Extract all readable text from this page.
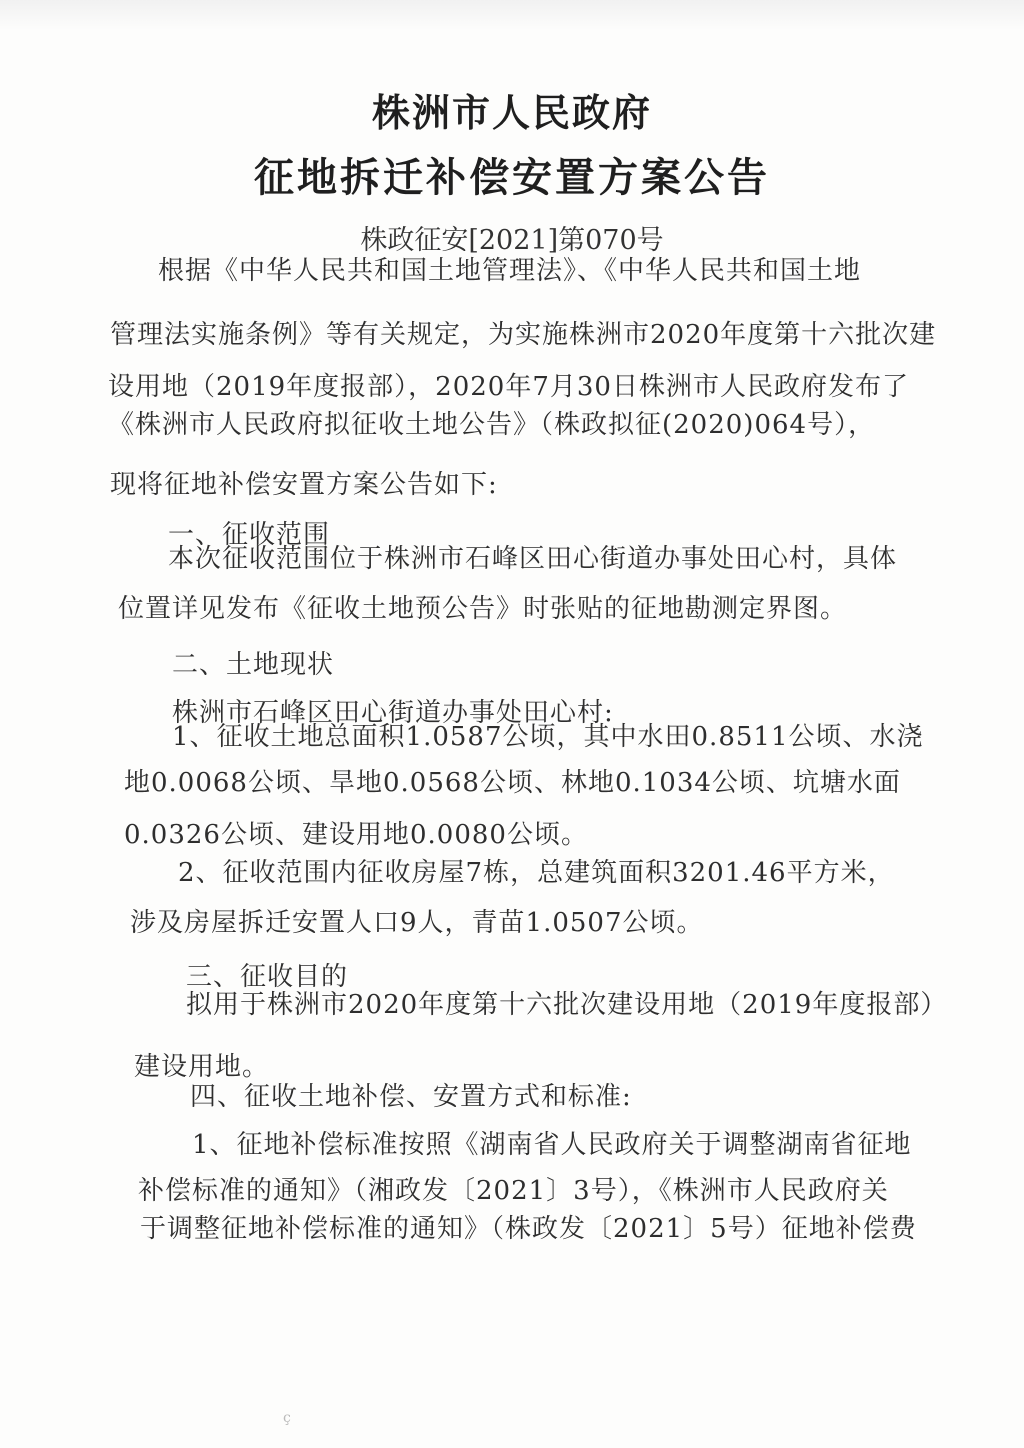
株洲市人民政府
征地拆迁补偿安置方案公告
株政征安[2021]第070号
根据《中华人民共和国土地管理法》、《中华人民共和国土地
管理法实施条例》等有关规定，为实施株洲市2020年度第十六批次建
设用地（2019年度报部），2020年7月30日株洲市人民政府发布了
《株洲市人民政府拟征收土地公告》（株政拟征(2020)064号），
现将征地补偿安置方案公告如下:
一、征收范围
本次征收范围位于株洲市石峰区田心街道办事处田心村，具体
位置详见发布《征收土地预公告》时张贴的征地勘测定界图。
二、土地现状
株洲市石峰区田心街道办事处田心村:
1、征收土地总面积1.0587公顷，其中水田0.8511公顷、水浇
地0.0068公顷、旱地0.0568公顷、林地0.1034公顷、坑塘水面
0.0326公顷、建设用地0.0080公顷。
2、征收范围内征收房屋7栋，总建筑面积3201.46平方米，
涉及房屋拆迁安置人口9人，青苗1.0507公顷。
三、征收目的
拟用于株洲市2020年度第十六批次建设用地（2019年度报部）
建设用地。
四、征收土地补偿、安置方式和标准:
1、征地补偿标准按照《湖南省人民政府关于调整湖南省征地
补偿标准的通知》（湘政发〔2021〕3号），《株洲市人民政府关
于调整征地补偿标准的通知》（株政发〔2021〕5号）征地补偿费
ç
